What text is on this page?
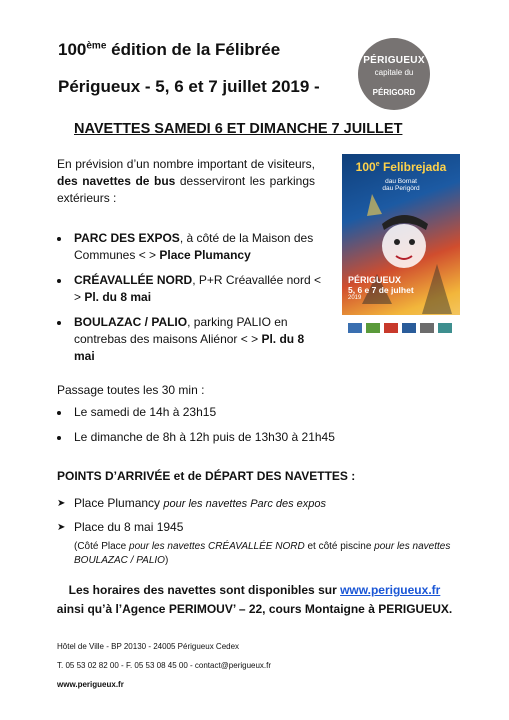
100ème édition de la Félibrée
Périgueux - 5, 6 et 7 juillet 2019 -
PÉRIGUEUX
capitale du
PÉRIGORD
NAVETTES SAMEDI 6 ET DIMANCHE 7 JUILLET
En prévision d’un nombre important de visiteurs, des navettes de bus desserviront les parkings extérieurs :
PARC DES EXPOS, à côté de la Maison des Communes < > Place Plumancy
CRÉAVALLÉE NORD, P+R Créavallée nord < > Pl. du 8 mai
BOULAZAC / PALIO, parking PALIO en contrebas des maisons Aliénor < > Pl. du 8 mai
100e Felibrejada
dau Bornat
dau Perigòrd
PÉRIGUEUX
5, 6 e 7 de julhet
2019
Passage toutes les 30 min :
Le samedi de 14h à 23h15
Le dimanche de 8h à 12h puis de 13h30 à 21h45
POINTS D’ARRIVÉE et de DÉPART DES NAVETTES :
➤ Place Plumancy pour les navettes Parc des expos
➤ Place du 8 mai 1945
(Côté Place pour les navettes CRÉAVALLÉE NORD et côté piscine pour les navettes BOULAZAC / PALIO)
Les horaires des navettes sont disponibles sur www.perigueux.fr
ainsi qu’à l’Agence PERIMOUV’ – 22, cours Montaigne à PERIGUEUX.
Hôtel de Ville - BP 20130 - 24005 Périgueux Cedex
T. 05 53 02 82 00 - F. 05 53 08 45 00 - contact@perigueux.fr
www.perigueux.fr
